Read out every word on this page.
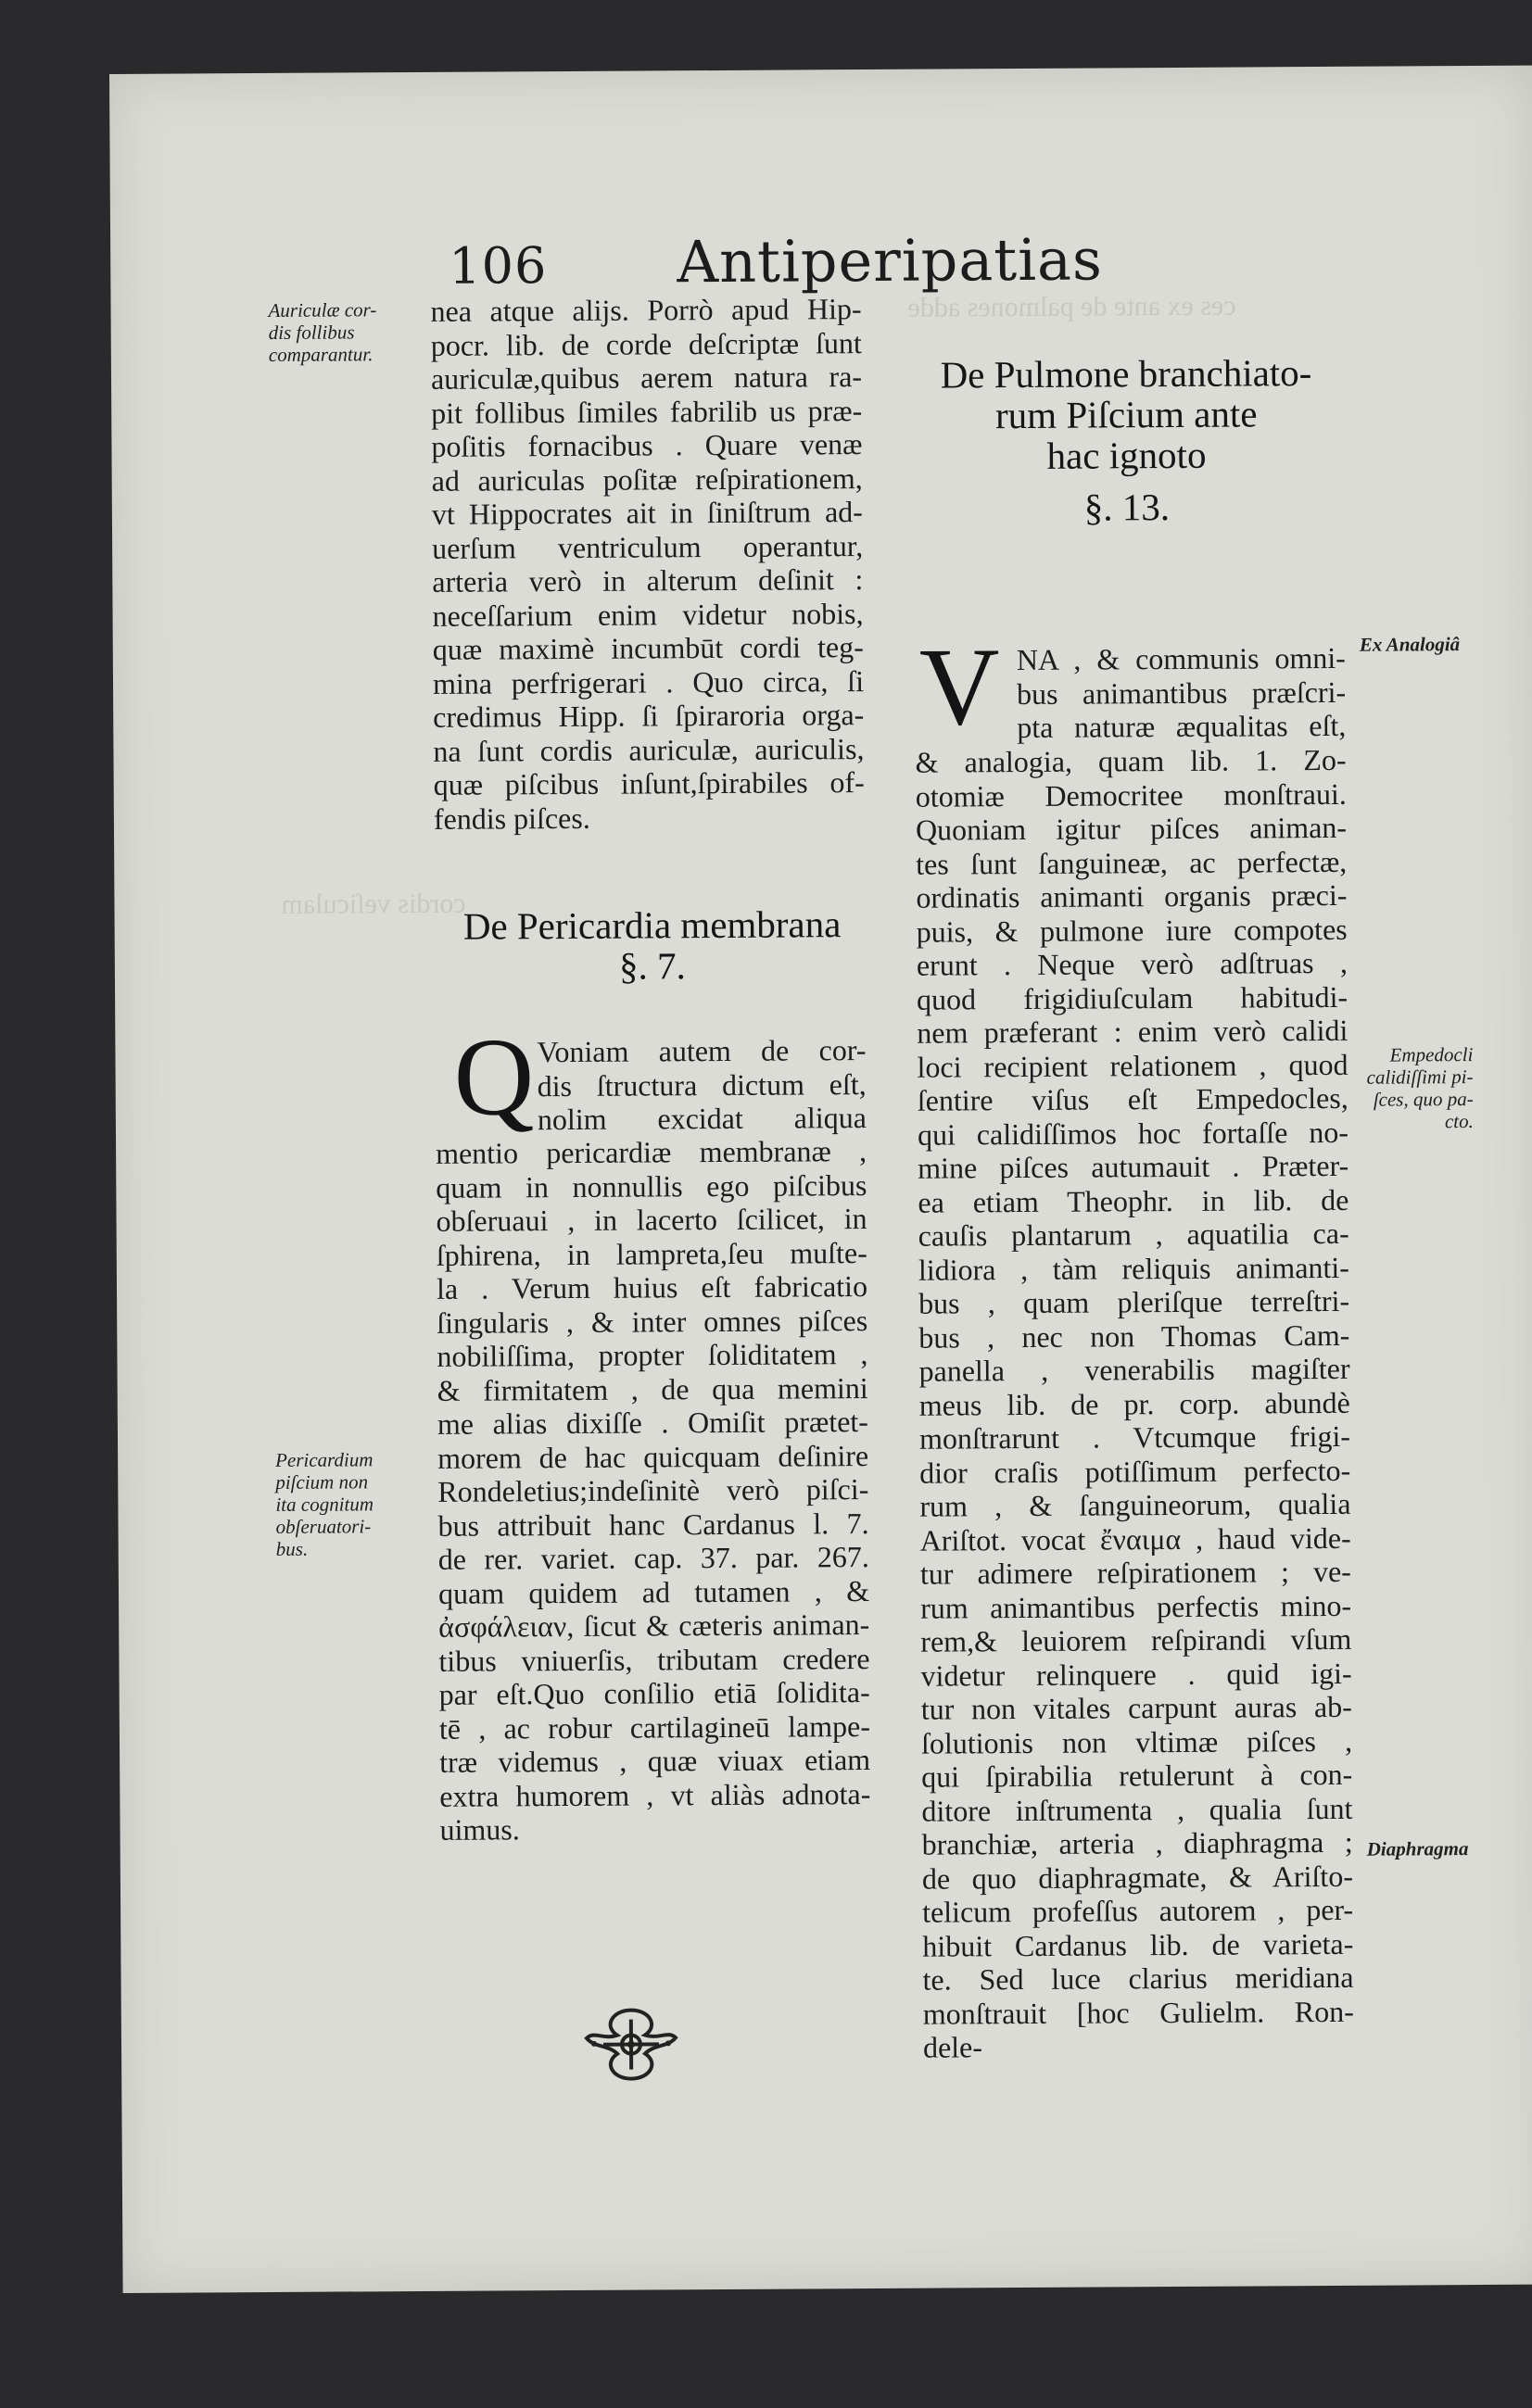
ces ex ante de palmones adde
cordis veſiculam
106 Antiperipatias
Auriculæ cor-
dis follibus
comparantur.
Pericardium
piſcium non
ita cognitum
obſeruatori-
bus.
Ex Analogiâ
Empedocli
calidiſſimi pi-
ſces, quo pa-
cto.
Diaphragma
nea atque alijs. Porrò apud Hip-
pocr. lib. de corde deſcriptæ ſunt
auriculæ,quibus aerem natura ra-
pit follibus ſimiles fabrilib us præ-
poſitis fornacibus . Quare venæ
ad auriculas poſitæ reſpirationem,
vt Hippocrates ait in ſiniſtrum ad-
uerſum ventriculum operantur,
arteria verò in alterum deſinit :
neceſſarium enim videtur nobis,
quæ maximè incumbūt cordi teg-
mina perfrigerari . Quo circa, ſi
credimus Hipp. ſi ſpiraroria orga-
na ſunt cordis auriculæ, auriculis,
quæ piſcibus inſunt,ſpirabiles of-
fendis piſces.
De Pericardia membrana
§. 7.
Q Voniam autem de cor-
dis ſtructura dictum eſt,
nolim excidat aliqua
mentio pericardiæ membranæ ,
quam in nonnullis ego piſcibus
obſeruaui , in lacerto ſcilicet, in
ſphirena, in lampreta,ſeu muſte-
la . Verum huius eſt fabricatio
ſingularis , & inter omnes piſces
nobiliſſima, propter ſoliditatem ,
& firmitatem , de qua memini
me alias dixiſſe . Omiſit prætet-
morem de hac quicquam deſinire
Rondeletius;indeſinitè verò piſci-
bus attribuit hanc Cardanus l. 7.
de rer. variet. cap. 37. par. 267.
quam quidem ad tutamen , &
ἀσφάλειαν, ſicut & cæteris animan-
tibus vniuerſis, tributam credere
par eſt.Quo conſilio etiā ſolidita-
tē , ac robur cartilagineū lampe-
træ videmus , quæ viuax etiam
extra humorem , vt aliàs adnota-
uimus.
De Pulmone branchiato-
rum Piſcium ante
hac ignoto
§. 13.
V NA , & communis omni-
bus animantibus præſcri-
pta naturæ æqualitas eſt,
& analogia, quam lib. 1. Zo-
otomiæ Democritee monſtraui.
Quoniam igitur piſces animan-
tes ſunt ſanguineæ, ac perfectæ,
ordinatis animanti organis præci-
puis, & pulmone iure compotes
erunt . Neque verò adſtruas ,
quod frigidiuſculam habitudi-
nem præferant : enim verò calidi
loci recipient relationem , quod
ſentire viſus eſt Empedocles,
qui calidiſſimos hoc fortaſſe no-
mine piſces autumauit . Præter-
ea etiam Theophr. in lib. de
cauſis plantarum , aquatilia ca-
lidiora , tàm reliquis animanti-
bus , quam pleriſque terreſtri-
bus , nec non Thomas Cam-
panella , venerabilis magiſter
meus lib. de pr. corp. abundè
monſtrarunt . Vtcumque frigi-
dior craſis potiſſimum perfecto-
rum , & ſanguineorum, qualia
Ariſtot. vocat ἔναιμα , haud vide-
tur adimere reſpirationem ; ve-
rum animantibus perfectis mino-
rem,& leuiorem reſpirandi vſum
videtur relinquere . quid igi-
tur non vitales carpunt auras ab-
ſolutionis non vltimæ piſces ,
qui ſpirabilia retulerunt à con-
ditore inſtrumenta , qualia ſunt
branchiæ, arteria , diaphragma ;
de quo diaphragmate, & Ariſto-
telicum profeſſus autorem , per-
hibuit Cardanus lib. de varieta-
te. Sed luce clarius meridiana
monſtrauit [hoc Gulielm. Ron-
dele-
